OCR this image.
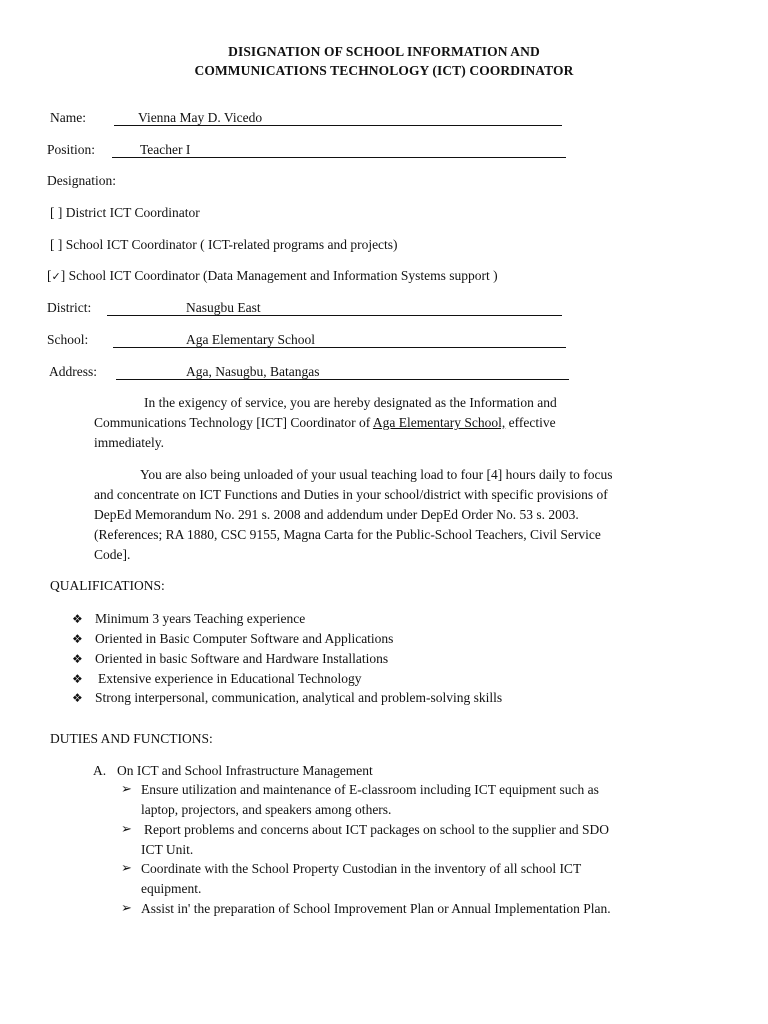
DISIGNATION OF SCHOOL INFORMATION AND
COMMUNICATIONS TECHNOLOGY (ICT) COORDINATOR
Name:	Vienna May D. Vicedo
Position:	Teacher I
Designation:
[ ] District ICT Coordinator
[ ] School ICT Coordinator ( ICT-related programs and projects)
[✓] School ICT Coordinator (Data Management and Information Systems support )
District:	Nasugbu East
School:	Aga Elementary School
Address:	Aga, Nasugbu, Batangas
In the exigency of service, you are hereby designated as the Information and
Communications Technology [ICT] Coordinator of Aga Elementary School, effective
immediately.
You are also being unloaded of your usual teaching load to four [4] hours daily to focus
and concentrate on ICT Functions and Duties in your school/district with specific provisions of
DepEd Memorandum No. 291 s. 2008 and addendum under DepEd Order No. 53 s. 2003.
(References; RA 1880, CSC 9155, Magna Carta for the Public-School Teachers, Civil Service
Code].
QUALIFICATIONS:
❖ Minimum 3 years Teaching experience
❖ Oriented in Basic Computer Software and Applications
❖ Oriented in basic Software and Hardware Installations
❖ Extensive experience in Educational Technology
❖ Strong interpersonal, communication, analytical and problem-solving skills
DUTIES AND FUNCTIONS:
A. On ICT and School Infrastructure Management
➢ Ensure utilization and maintenance of E-classroom including ICT equipment such as
laptop, projectors, and speakers among others.
➢ Report problems and concerns about ICT packages on school to the supplier and SDO
ICT Unit.
➢ Coordinate with the School Property Custodian in the inventory of all school ICT
equipment.
➢ Assist in' the preparation of School Improvement Plan or Annual Implementation Plan.
